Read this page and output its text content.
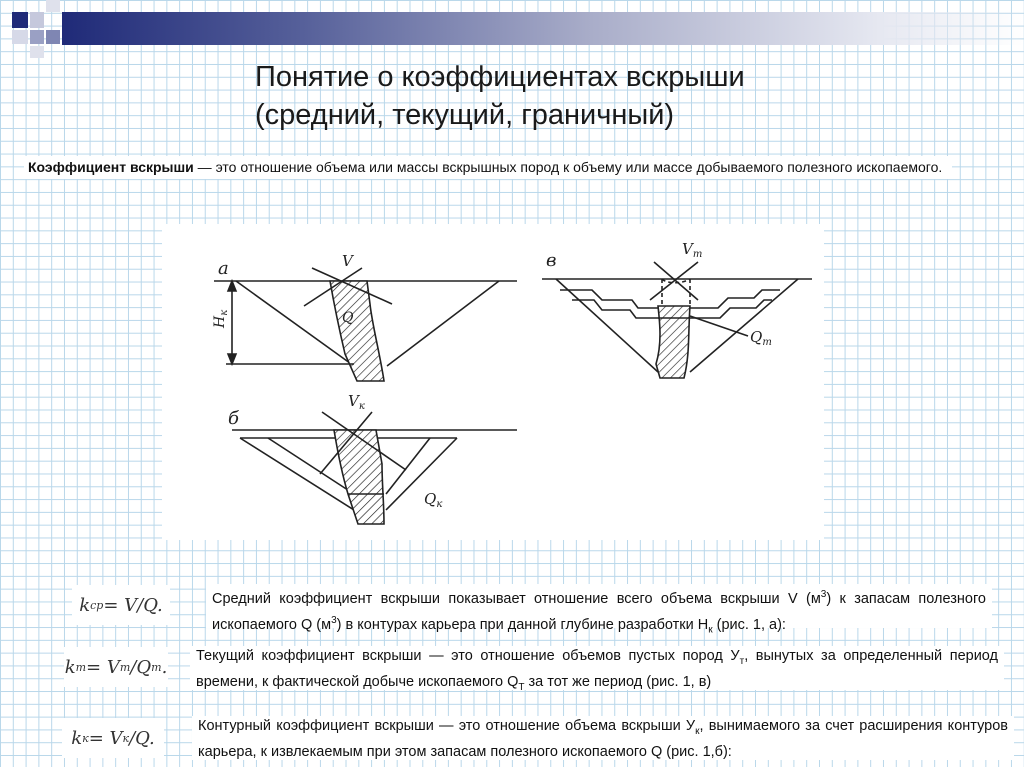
Понятие о коэффициентах вскрыши
(средний, текущий, граничный)
Коэффициент вскрыши — это отношение объема или массы вскрышных пород к объему или массе добываемого полезного ископаемого.
а	V
Q
$Н_к$
б
$V_к$
$Q_к$
в
$V_т$
$Q_т$
k ср = V/Q.	Средний коэффициент вскрыши показывает отношение всего объема вскрыши V $(м^3)$ к запасам полезного ископаемого Q $(м^3)$ в контурах карьера при данной глубине разработки $Н_к$ (рис. 1, а):
k т = V т /Q т .
Текущий коэффициент вскрыши — это отношение объемов пустых пород $У_т$, вынутых за определенный период времени, к фактической добыче ископаемого $Q_Т$ за тот же период (рис. 1, в)
k к = V к /Q.
Контурный коэффициент вскрыши — это отношение объема вскрыши $У_к$, вынимаемого за счет расширения контуров карьера, к извлекаемым при этом запасам полезного ископаемого Q (рис. 1,б):
